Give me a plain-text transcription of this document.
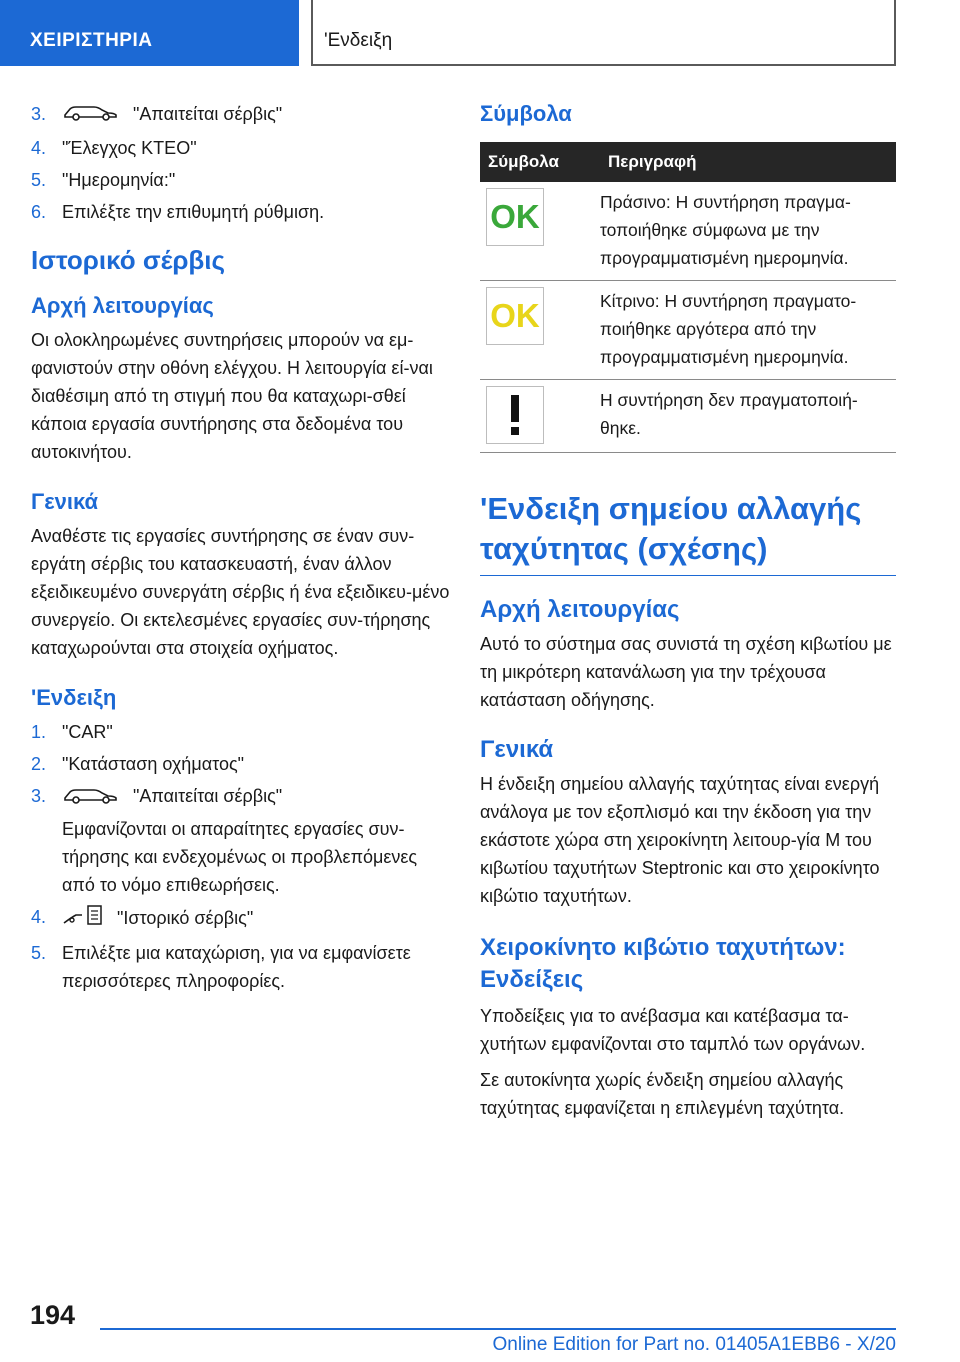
ΧΕΙΡΙΣΤΗΡΙΑ	'Ενδειξη
3.	"Απαιτείται σέρβις"
4. "Έλεγχος ΚΤΕΟ"
5. "Ημερομηνία:"
6. Επιλέξτε την επιθυμητή ρύθμιση.
Ιστορικό σέρβις
Αρχή λειτουργίας

Οι ολοκληρωμένες συντηρήσεις μπορούν να εμ-φανιστούν στην οθόνη ελέγχου. Η λειτουργία εί-ναι διαθέσιμη από τη στιγμή που θα καταχωρι-σθεί κάποια εργασία συντήρησης στα δεδομένα του αυτοκινήτου.

Γενικά

Αναθέστε τις εργασίες συντήρησης σε έναν συν-εργάτη σέρβις του κατασκευαστή, έναν άλλον εξειδικευμένο συνεργάτη σέρβις ή ένα εξειδικευ-μένο συνεργείο. Οι εκτελεσμένες εργασίες συν-τήρησης καταχωρούνται στα στοιχεία οχήματος.

'Ενδειξη
1. "CAR"
2. "Κατάσταση οχήματος"
3.	"Απαιτείται σέρβις"
Εμφανίζονται οι απαραίτητες εργασίες συν-τήρησης και ενδεχομένως οι προβλεπόμενες από το νόμο επιθεωρήσεις.
4.	"Ιστορικό σέρβις"
5. Επιλέξτε μια καταχώριση, για να εμφανίσετε περισσότερες πληροφορίες.
Σύμβολα
Σύμβολα	Περιγραφή

OK	Πράσινο: Η συντήρηση πραγμα-τοποιήθηκε σύμφωνα με την προγραμματισμένη ημερομηνία.

OK	Κίτρινο: Η συντήρηση πραγματο-ποιήθηκε αργότερα από την προγραμματισμένη ημερομηνία.

	Η συντήρηση δεν πραγματοποιή-θηκε.
'Ενδειξη σημείου αλλαγής ταχύτητας (σχέσης)
Αρχή λειτουργίας

Αυτό το σύστημα σας συνιστά τη σχέση κιβωτίου με τη μικρότερη κατανάλωση για την τρέχουσα κατάσταση οδήγησης.

Γενικά

Η ένδειξη σημείου αλλαγής ταχύτητας είναι ενεργή ανάλογα με τον εξοπλισμό και την έκδοση για την εκάστοτε χώρα στη χειροκίνητη λειτουρ-γία M του κιβωτίου ταχυτήτων Steptronic και στο χειροκίνητο κιβώτιο ταχυτήτων.

Χειροκίνητο κιβώτιο ταχυτήτων: Ενδείξεις

Υποδείξεις για το ανέβασμα και κατέβασμα τα-χυτήτων εμφανίζονται στο ταμπλό των οργάνων.

Σε αυτοκίνητα χωρίς ένδειξη σημείου αλλαγής ταχύτητας εμφανίζεται η επιλεγμένη ταχύτητα.

194
Online Edition for Part no. 01405A1EBB6 - X/20
